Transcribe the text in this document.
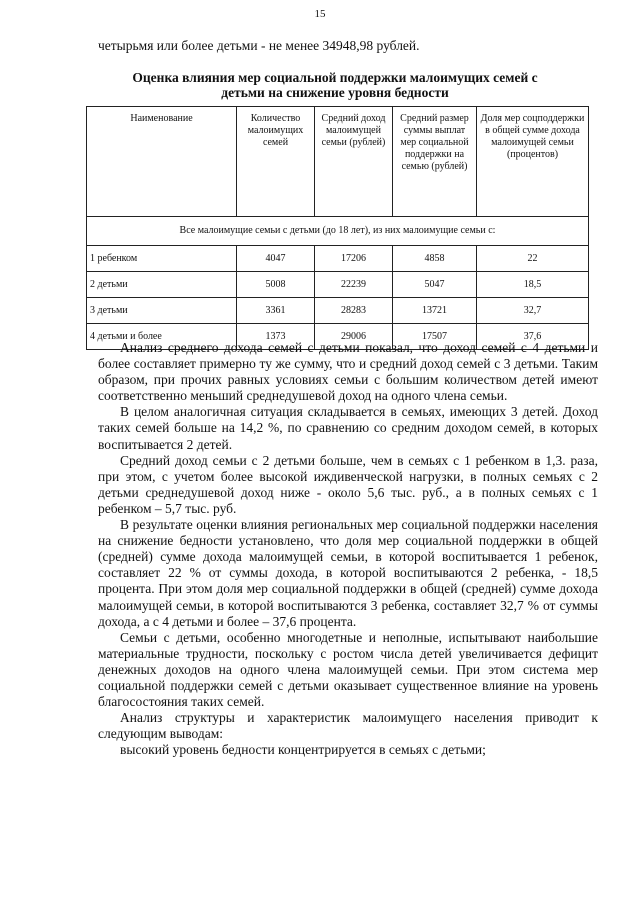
15
четырьмя или более детьми - не менее 34948,98 рублей.
Оценка влияния мер социальной поддержки малоимущих семей с
детьми на снижение уровня бедности
Наименование	Количество малоимущих семей	Средний доход малоимущей семьи (рублей)	Средний размер суммы выплат мер социальной поддержки на семью (рублей)	Доля мер соцподдержки в общей сумме дохода малоимущей семьи (процентов)
Все малоимущие семьи с детьми (до 18 лет), из них малоимущие семьи с:				
1 ребенком	4047	17206	4858	22
2 детьми	5008	22239	5047	18,5
3 детьми	3361	28283	13721	32,7
4 детьми и более	1373	29006	17507	37,6

Анализ среднего дохода семей с детьми показал, что доход семей с 4 детьми и более составляет примерно ту же сумму, что и средний доход семей с 3 детьми. Таким образом, при прочих равных условиях семьи с большим количеством детей имеют соответственно меньший среднедушевой доход на одного члена семьи.

В целом аналогичная ситуация складывается в семьях, имеющих 3 детей. Доход таких семей больше на 14,2 %, по сравнению со средним доходом семей, в которых воспитывается 2 детей.

Средний доход семьи с 2 детьми больше, чем в семьях с 1 ребенком в 1,3. раза, при этом, с учетом более высокой иждивенческой нагрузки, в полных семьях с 2 детьми среднедушевой доход ниже - около 5,6 тыс. руб., а в полных семьях с 1 ребенком – 5,7 тыс. руб.

В результате оценки влияния региональных мер социальной поддержки населения на снижение бедности установлено, что доля мер социальной поддержки в общей (средней) сумме дохода малоимущей семьи, в которой воспитывается 1 ребенок, составляет 22 % от суммы дохода, в которой воспитываются 2 ребенка, - 18,5 процента. При этом доля мер социальной поддержки в общей (средней) сумме дохода малоимущей семьи, в которой воспитываются 3 ребенка, составляет 32,7 % от суммы дохода, а с 4 детьми и более – 37,6 процента.

Семьи с детьми, особенно многодетные и неполные, испытывают наибольшие материальные трудности, поскольку с ростом числа детей увеличивается дефицит денежных доходов на одного члена малоимущей семьи. При этом система мер социальной поддержки семей с детьми оказывает существенное влияние на уровень благосостояния таких семей.

Анализ структуры и характеристик малоимущего населения приводит к следующим выводам:

высокий уровень бедности концентрируется в семьях с детьми;
